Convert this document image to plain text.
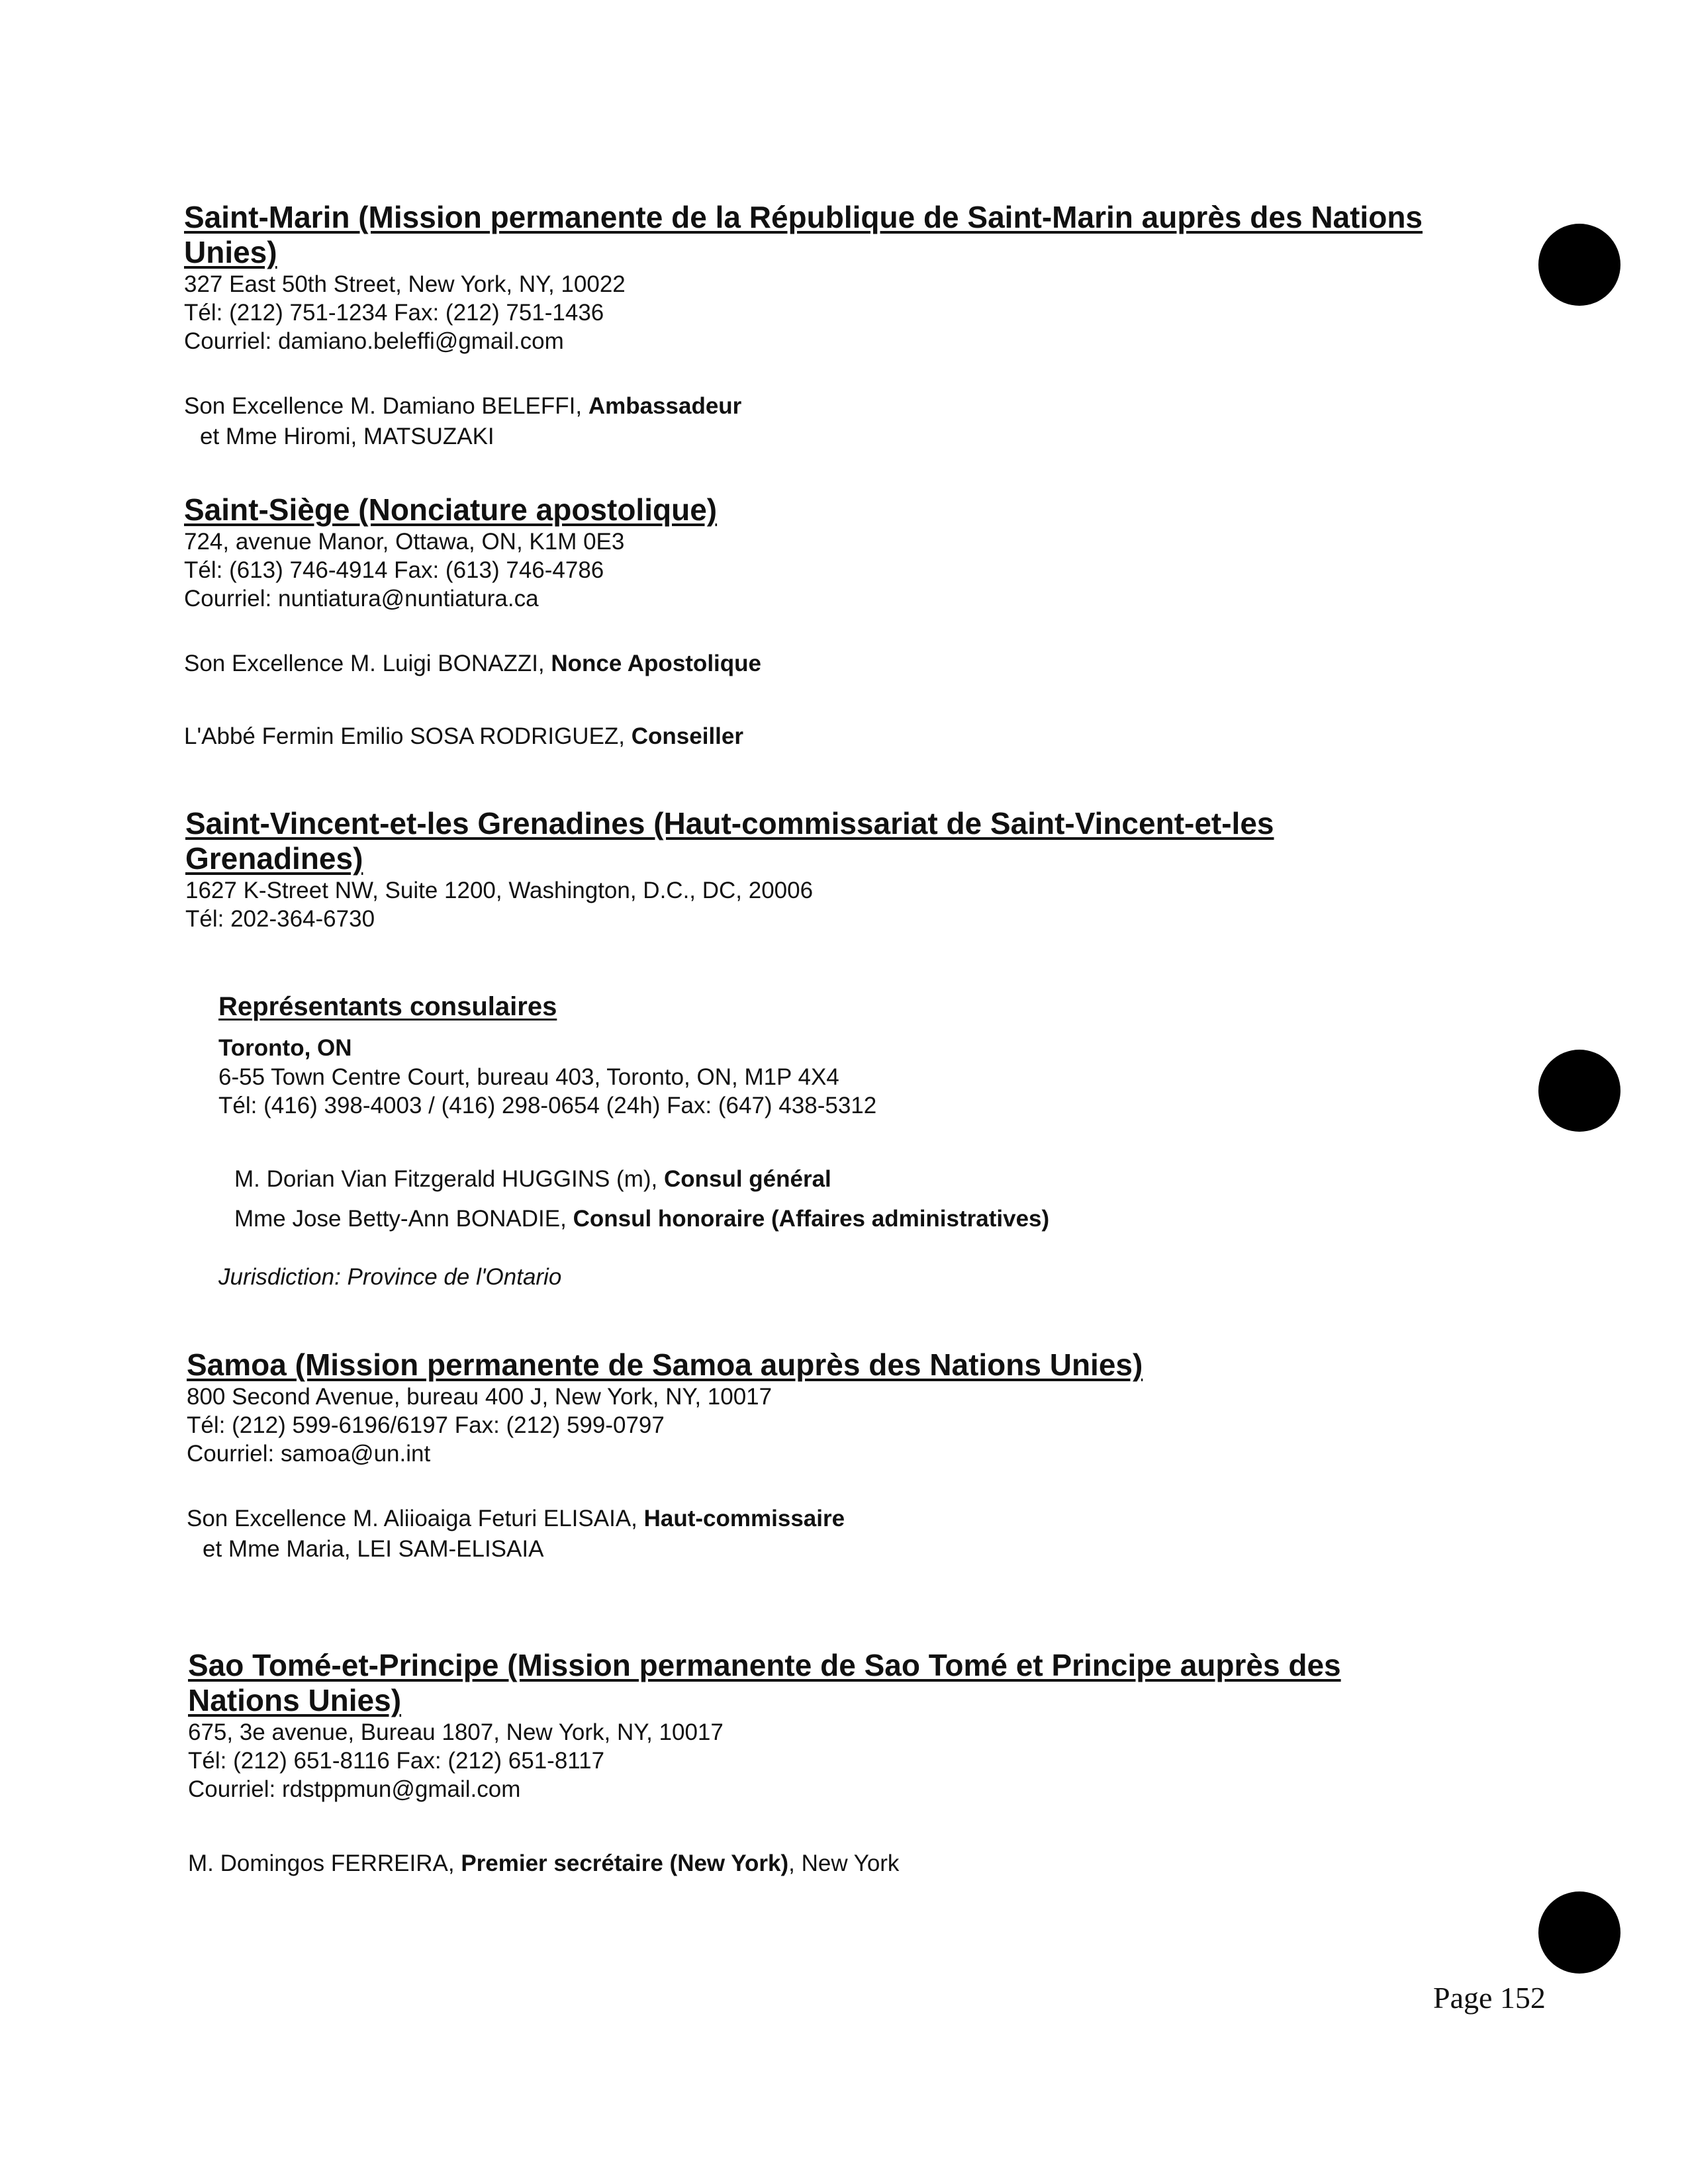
Saint-Marin (Mission permanente de la République de Saint-Marin auprès des Nations Unies)

327 East 50th Street, New York, NY, 10022

Tél: (212) 751-1234 Fax: (212) 751-1436

Courriel: damiano.beleffi@gmail.com

Son Excellence M. Damiano BELEFFI, Ambassadeur

et Mme Hiromi, MATSUZAKI

Saint-Siège (Nonciature apostolique)

724, avenue Manor, Ottawa, ON, K1M 0E3

Tél: (613) 746-4914 Fax: (613) 746-4786

Courriel: nuntiatura@nuntiatura.ca

Son Excellence M. Luigi BONAZZI, Nonce Apostolique

L'Abbé Fermin Emilio SOSA RODRIGUEZ, Conseiller

Saint-Vincent-et-les Grenadines (Haut-commissariat de Saint-Vincent-et-les Grenadines)

1627 K-Street NW, Suite 1200, Washington, D.C., DC, 20006

Tél: 202-364-6730

Représentants consulaires

Toronto, ON

6-55 Town Centre Court, bureau 403, Toronto, ON, M1P 4X4

Tél: (416) 398-4003 / (416) 298-0654 (24h) Fax: (647) 438-5312

M. Dorian Vian Fitzgerald HUGGINS (m), Consul général

Mme Jose Betty-Ann BONADIE, Consul honoraire (Affaires administratives)

Jurisdiction: Province de l'Ontario

Samoa (Mission permanente de Samoa auprès des Nations Unies)

800 Second Avenue, bureau 400 J, New York, NY, 10017

Tél: (212) 599-6196/6197 Fax: (212) 599-0797

Courriel: samoa@un.int

Son Excellence M. Aliioaiga Feturi ELISAIA, Haut-commissaire

et Mme Maria, LEI SAM-ELISAIA

Sao Tomé-et-Principe (Mission permanente de Sao Tomé et Principe auprès des Nations Unies)

675, 3e avenue, Bureau 1807, New York, NY, 10017

Tél: (212) 651-8116 Fax: (212) 651-8117

Courriel: rdstppmun@gmail.com

M. Domingos FERREIRA, Premier secrétaire (New York), New York

Page 152
